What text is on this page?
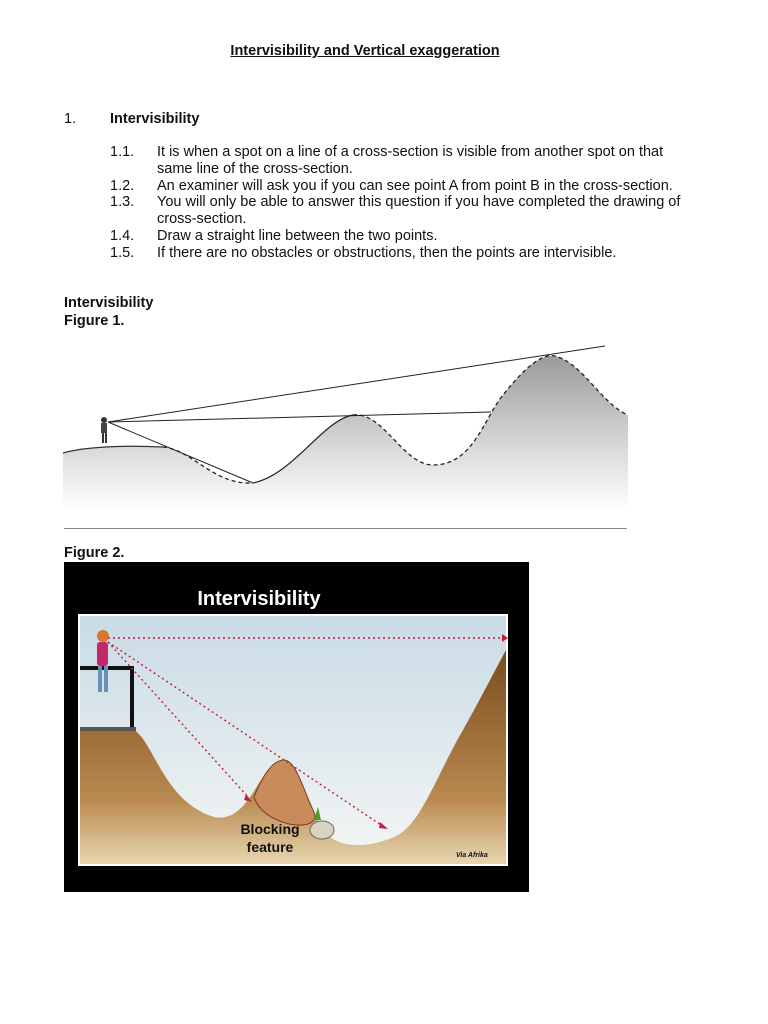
Intervisibility and Vertical exaggeration
1. Intervisibility
1.1.	It is when a spot on a line of a cross-section is visible from another spot on that same line of the cross-section.
1.2.	An examiner will ask you if you can see point A from point B in the cross-section.
1.3.	You will only be able to answer this question if you have completed the drawing of cross-section.
1.4.	Draw a straight line between the two points.
1.5.	If there are no obstacles or obstructions, then the points are intervisible.
Intervisibility
Figure 1.
Figure 2.
Intervisibility
Blocking
feature
Via Afrika
